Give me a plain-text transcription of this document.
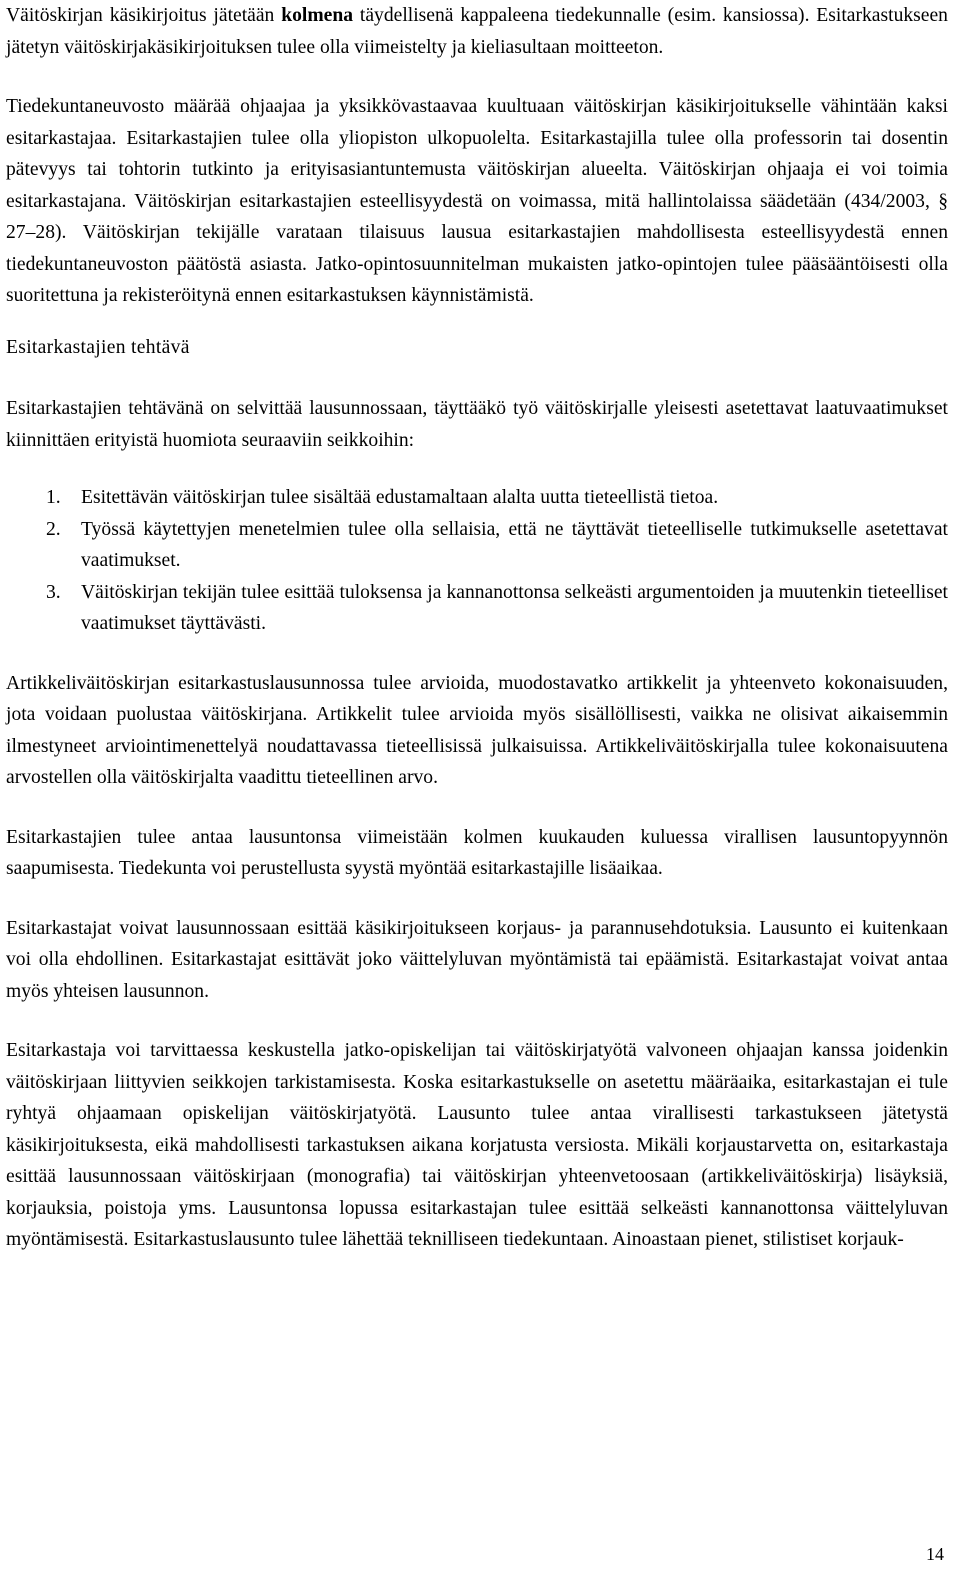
Väitöskirjan käsikirjoitus jätetään kolmena täydellisenä kappaleena tiedekunnalle (esim. kansiossa). Esitarkastukseen jätetyn väitöskirjakäsikirjoituksen tulee olla viimeistelty ja kieliasultaan moitteeton.

Tiedekuntaneuvosto määrää ohjaajaa ja yksikkövastaavaa kuultuaan väitöskirjan käsikirjoitukselle vähintään kaksi esitarkastajaa. Esitarkastajien tulee olla yliopiston ulkopuolelta. Esitarkastajilla tulee olla professorin tai dosentin pätevyys tai tohtorin tutkinto ja erityisasiantuntemusta väitöskirjan alueelta. Väitöskirjan ohjaaja ei voi toimia esitarkastajana. Väitöskirjan esitarkastajien esteellisyydestä on voimassa, mitä hallintolaissa säädetään (434/2003, § 27–28). Väitöskirjan tekijälle varataan tilaisuus lausua esitarkastajien mahdollisesta esteellisyydestä ennen tiedekuntaneuvoston päätöstä asiasta. Jatko-opintosuunnitelman mukaisten jatko-opintojen tulee pääsääntöisesti olla suoritettuna ja rekisteröitynä ennen esitarkastuksen käynnistämistä.

Esitarkastajien tehtävä

Esitarkastajien tehtävänä on selvittää lausunnossaan, täyttääkö työ väitöskirjalle yleisesti asetettavat laatuvaatimukset kiinnittäen erityistä huomiota seuraaviin seikkoihin:

1. Esitettävän väitöskirjan tulee sisältää edustamaltaan alalta uutta tieteellistä tietoa.
2. Työssä käytettyjen menetelmien tulee olla sellaisia, että ne täyttävät tieteelliselle tutkimukselle asetettavat vaatimukset.
3. Väitöskirjan tekijän tulee esittää tuloksensa ja kannanottonsa selkeästi argumentoiden ja muutenkin tieteelliset vaatimukset täyttävästi.

Artikkeliväitöskirjan esitarkastuslausunnossa tulee arvioida, muodostavatko artikkelit ja yhteenveto kokonaisuuden, jota voidaan puolustaa väitöskirjana. Artikkelit tulee arvioida myös sisällöllisesti, vaikka ne olisivat aikaisemmin ilmestyneet arviointimenettelyä noudattavassa tieteellisissä julkaisuissa. Artikkeliväitöskirjalla tulee kokonaisuutena arvostellen olla väitöskirjalta vaadittu tieteellinen arvo.

Esitarkastajien tulee antaa lausuntonsa viimeistään kolmen kuukauden kuluessa virallisen lausuntopyynnön saapumisesta. Tiedekunta voi perustellusta syystä myöntää esitarkastajille lisäaikaa.

Esitarkastajat voivat lausunnossaan esittää käsikirjoitukseen korjaus- ja parannusehdotuksia. Lausunto ei kuitenkaan voi olla ehdollinen. Esitarkastajat esittävät joko väittelyluvan myöntämistä tai epäämistä. Esitarkastajat voivat antaa myös yhteisen lausunnon.

Esitarkastaja voi tarvittaessa keskustella jatko-opiskelijan tai väitöskirjatyötä valvoneen ohjaajan kanssa joidenkin väitöskirjaan liittyvien seikkojen tarkistamisesta. Koska esitarkastukselle on asetettu määräaika, esitarkastajan ei tule ryhtyä ohjaamaan opiskelijan väitöskirjatyötä. Lausunto tulee antaa virallisesti tarkastukseen jätetystä käsikirjoituksesta, eikä mahdollisesti tarkastuksen aikana korjatusta versiosta. Mikäli korjaustarvetta on, esitarkastaja esittää lausunnossaan väitöskirjaan (monografia) tai väitöskirjan yhteenvetoosaan (artikkeliväitöskirja) lisäyksiä, korjauksia, poistoja yms. Lausuntonsa lopussa esitarkastajan tulee esittää selkeästi kannanottonsa väittelyluvan myöntämisestä. Esitarkastuslausunto tulee lähettää teknilliseen tiedekuntaan. Ainoastaan pienet, stilistiset korjauk-

14
